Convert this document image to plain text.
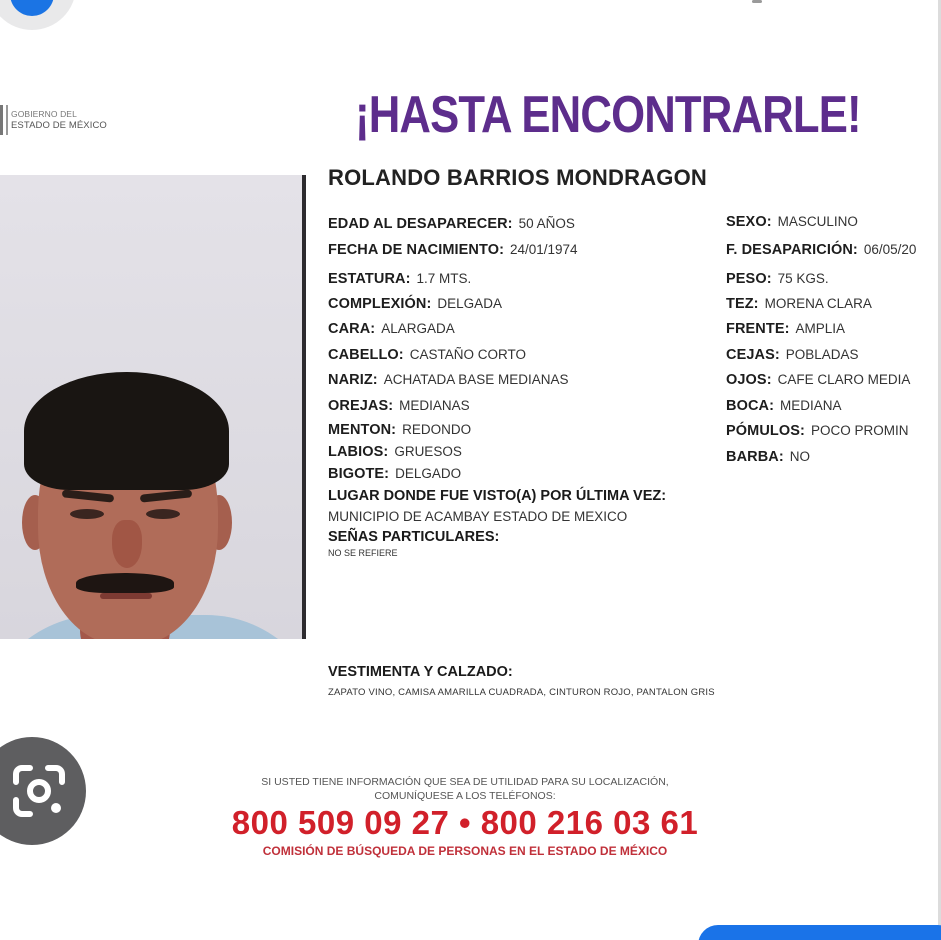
GOBIERNO DEL
ESTADO DE MÉXICO	¡HASTA ENCONTRARLE!
ROLANDO BARRIOS MONDRAGON
EDAD AL DESAPARECER: 50 AÑOS
FECHA DE NACIMIENTO: 24/01/1974
ESTATURA: 1.7 MTS.
COMPLEXIÓN: DELGADA
CARA: ALARGADA
CABELLO: CASTAÑO CORTO
NARIZ: ACHATADA BASE MEDIANAS
OREJAS: MEDIANAS
MENTON: REDONDO
LABIOS: GRUESOS
BIGOTE: DELGADO
SEXO: MASCULINO
F. DESAPARICIÓN: 06/05/20
PESO: 75 KGS.
TEZ: MORENA CLARA
FRENTE: AMPLIA
CEJAS: POBLADAS
OJOS: CAFE CLARO MEDIA
BOCA: MEDIANA
PÓMULOS: POCO PROMIN
BARBA: NO
LUGAR DONDE FUE VISTO(A) POR ÚLTIMA VEZ:
MUNICIPIO DE ACAMBAY ESTADO DE MEXICO
SEÑAS PARTICULARES:
NO SE REFIERE
VESTIMENTA Y CALZADO:
ZAPATO VINO, CAMISA AMARILLA CUADRADA, CINTURON ROJO, PANTALON GRIS
SI USTED TIENE INFORMACIÓN QUE SEA DE UTILIDAD PARA SU LOCALIZACIÓN,
COMUNÍQUESE A LOS TELÉFONOS:
800 509 09 27 • 800 216 03 61
COMISIÓN DE BÚSQUEDA DE PERSONAS EN EL ESTADO DE MÉXICO
